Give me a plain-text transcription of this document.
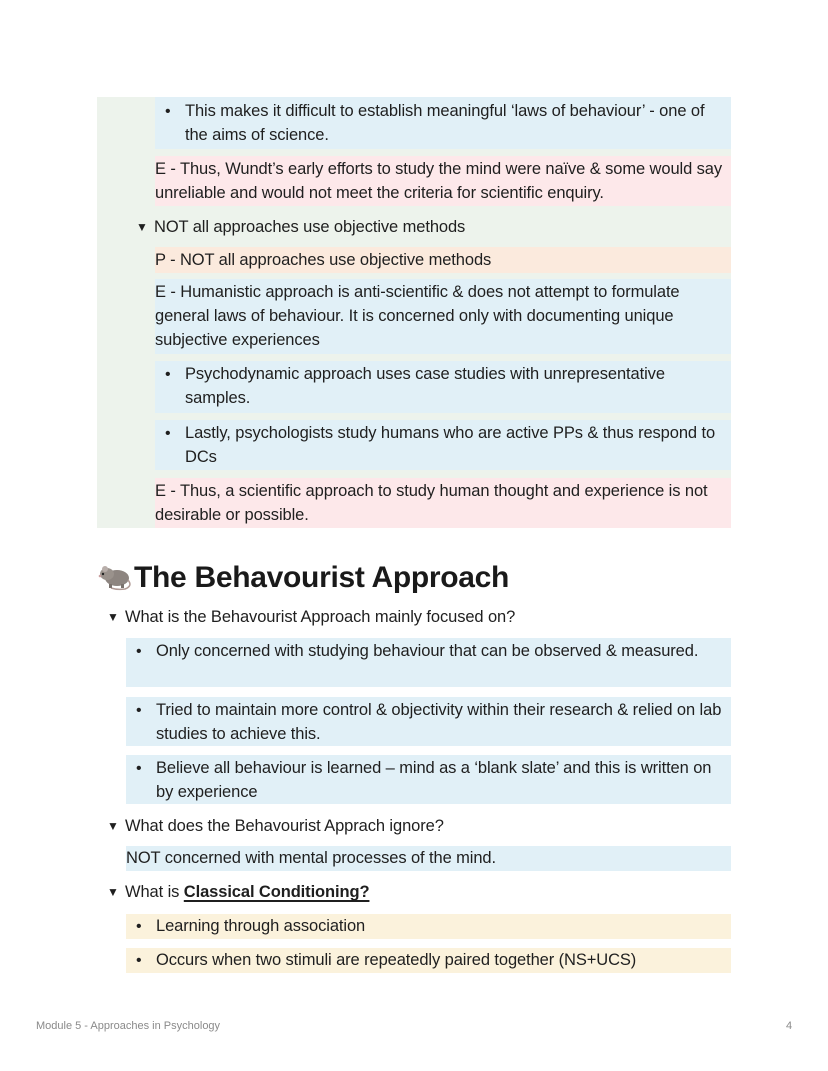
• This makes it difficult to establish meaningful ‘laws of behaviour’ - one of the aims of science.
E - Thus, Wundt’s early efforts to study the mind were naïve & some would say unreliable and would not meet the criteria for scientific enquiry.
▼ NOT all approaches use objective methods
P - NOT all approaches use objective methods
E - Humanistic approach is anti-scientific & does not attempt to formulate general laws of behaviour. It is concerned only with documenting unique subjective experiences
• Psychodynamic approach uses case studies with unrepresentative samples.
• Lastly, psychologists study humans who are active PPs & thus respond to DCs
E - Thus, a scientific approach to study human thought and experience is not desirable or possible.
The Behavourist Approach
▼ What is the Behavourist Approach mainly focused on?
• Only concerned with studying behaviour that can be observed & measured.
• Tried to maintain more control & objectivity within their research & relied on lab studies to achieve this.
• Believe all behaviour is learned – mind as a ‘blank slate’ and this is written on by experience
▼ What does the Behavourist Apprach ignore?
NOT concerned with mental processes of the mind.
▼ What is Classical Conditioning?
• Learning through association
• Occurs when two stimuli are repeatedly paired together (NS+UCS)
Module 5 - Approaches in Psychology	4
